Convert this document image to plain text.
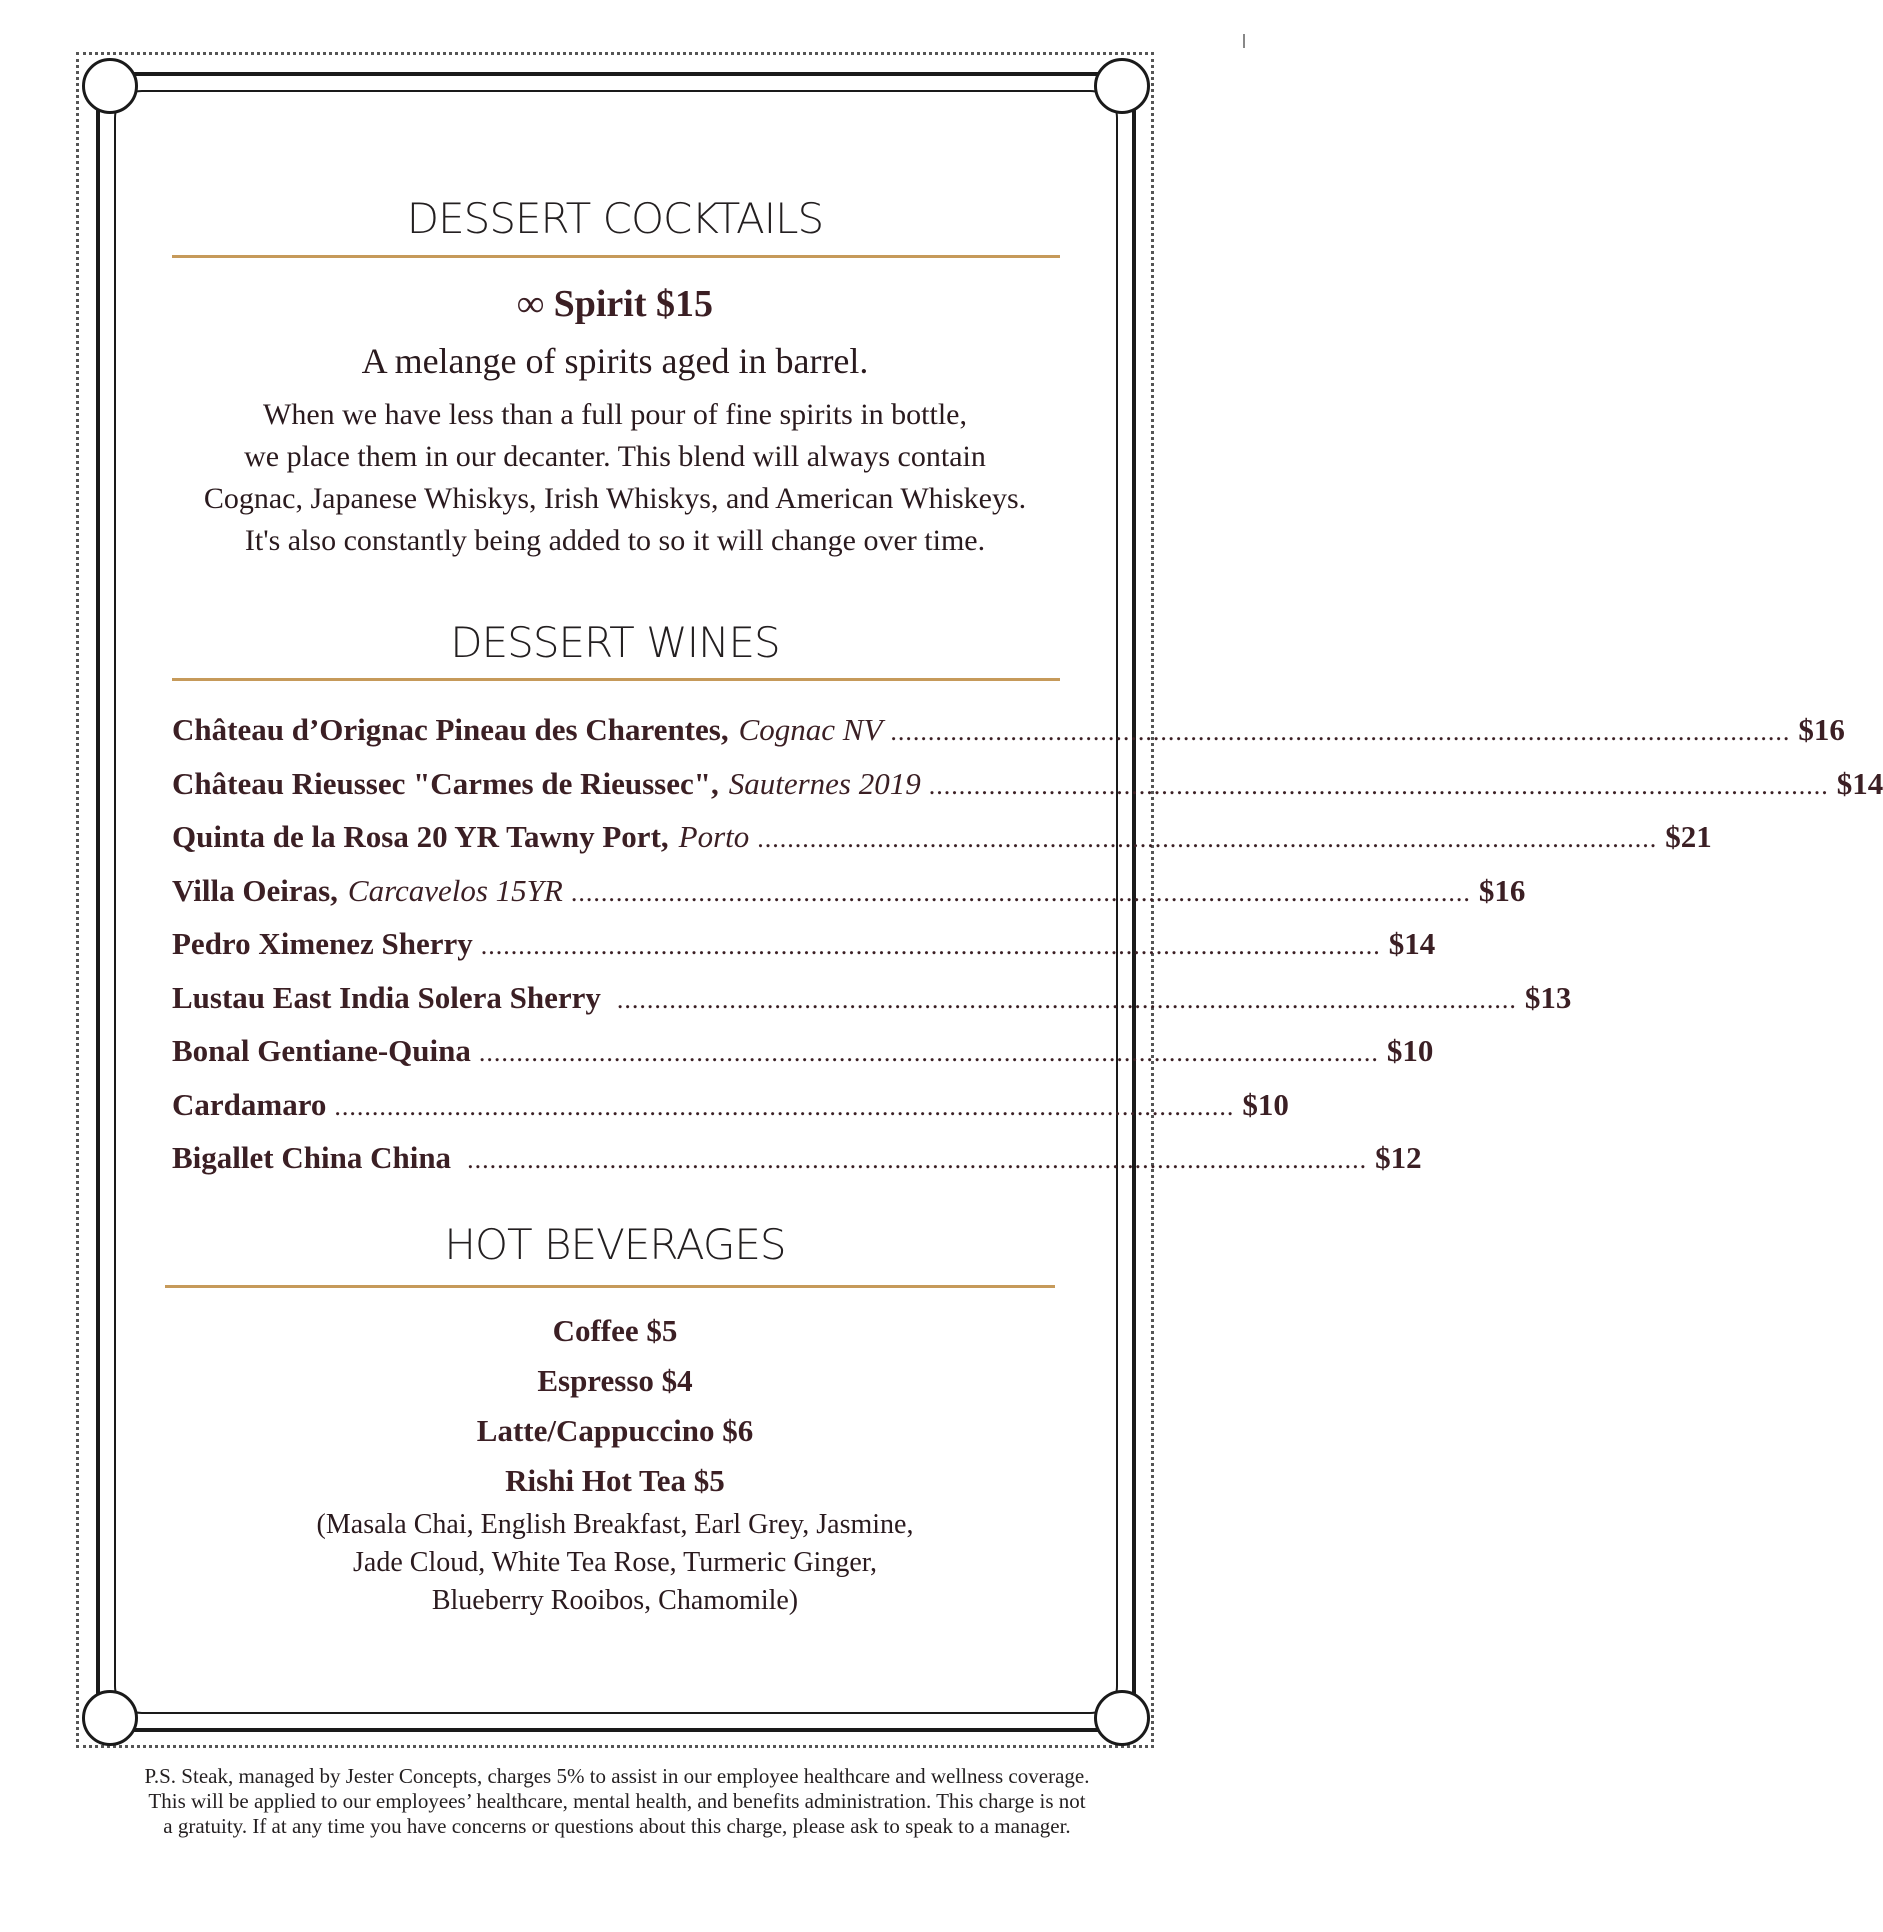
DESSERT COCKTAILS
∞ Spirit $15
A melange of spirits aged in barrel.
When we have less than a full pour of fine spirits in bottle,
we place them in our decanter. This blend will always contain
Cognac, Japanese Whiskys, Irish Whiskys, and American Whiskeys.
It's also constantly being added to so it will change over time.
DESSERT WINES
Château d’Orignac Pineau des Charentes, Cognac NV ........................................................................................................................ $16
Château Rieussec "Carmes de Rieussec", Sauternes 2019 ........................................................................................................................ $14
Quinta de la Rosa 20 YR Tawny Port, Porto ........................................................................................................................ $21
Villa Oeiras, Carcavelos 15YR ........................................................................................................................ $16
Pedro Ximenez Sherry ........................................................................................................................ $14
Lustau East India Solera Sherry ........................................................................................................................ $13
Bonal Gentiane-Quina ........................................................................................................................ $10
Cardamaro ........................................................................................................................ $10
Bigallet China China ........................................................................................................................ $12
HOT BEVERAGES
Coffee $5
Espresso $4
Latte/Cappuccino $6
Rishi Hot Tea $5
(Masala Chai, English Breakfast, Earl Grey, Jasmine,
Jade Cloud, White Tea Rose, Turmeric Ginger,
Blueberry Rooibos, Chamomile)
P.S. Steak, managed by Jester Concepts, charges 5% to assist in our employee healthcare and wellness coverage.
This will be applied to our employees’ healthcare, mental health, and benefits administration. This charge is not
a gratuity. If at any time you have concerns or questions about this charge, please ask to speak to a manager.
